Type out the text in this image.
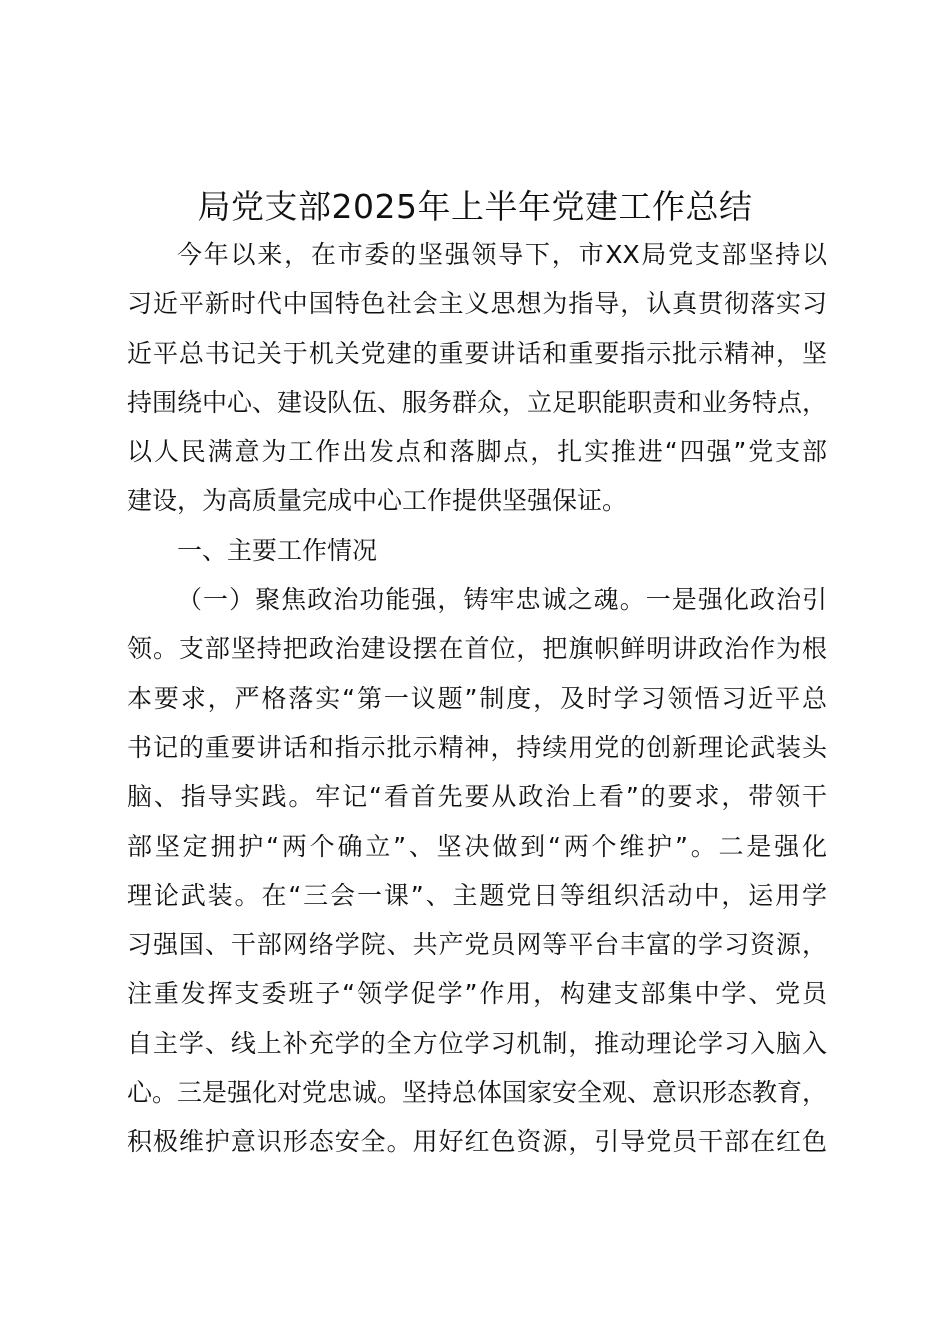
局党支部2025年上半年党建工作总结
今年以来，在市委的坚强领导下，市XX局党支部坚持以
习近平新时代中国特色社会主义思想为指导，认真贯彻落实习
近平总书记关于机关党建的重要讲话和重要指示批示精神，坚
持围绕中心、建设队伍、服务群众，立足职能职责和业务特点，
以人民满意为工作出发点和落脚点，扎实推进“四强”党支部
建设，为高质量完成中心工作提供坚强保证。
一、主要工作情况
（一）聚焦政治功能强，铸牢忠诚之魂。一是强化政治引
领。支部坚持把政治建设摆在首位，把旗帜鲜明讲政治作为根
本要求，严格落实“第一议题”制度，及时学习领悟习近平总
书记的重要讲话和指示批示精神，持续用党的创新理论武装头
脑、指导实践。牢记“看首先要从政治上看”的要求，带领干
部坚定拥护“两个确立”、坚决做到“两个维护”。二是强化
理论武装。在“三会一课”、主题党日等组织活动中，运用学
习强国、干部网络学院、共产党员网等平台丰富的学习资源，
注重发挥支委班子“领学促学”作用，构建支部集中学、党员
自主学、线上补充学的全方位学习机制，推动理论学习入脑入
心。三是强化对党忠诚。坚持总体国家安全观、意识形态教育，
积极维护意识形态安全。用好红色资源，引导党员干部在红色
